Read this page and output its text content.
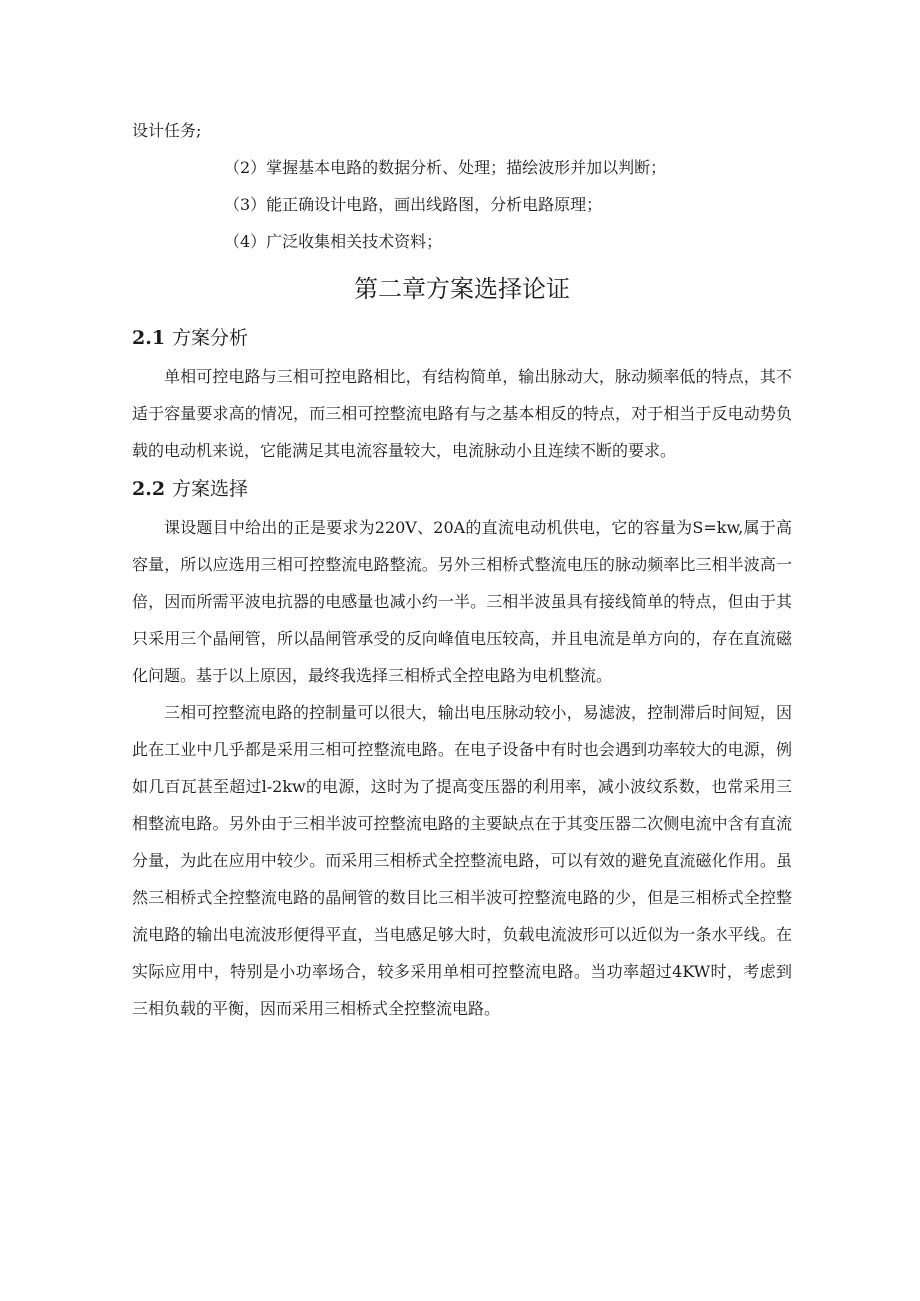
设计任务;

（2）掌握基本电路的数据分析、处理；描绘波形并加以判断；

（3）能正确设计电路，画出线路图，分析电路原理；

（4）广泛收集相关技术资料；

第二章方案选择论证
2.1 方案分析

单相可控电路与三相可控电路相比，有结构简单，输出脉动大，脉动频率低的特点，其不适于容量要求高的情况，而三相可控整流电路有与之基本相反的特点，对于相当于反电动势负载的电动机来说，它能满足其电流容量较大，电流脉动小且连续不断的要求。

2.2 方案选择

课设题目中给出的正是要求为220V、20A的直流电动机供电，它的容量为S=kw,属于高容量，所以应选用三相可控整流电路整流。另外三相桥式整流电压的脉动频率比三相半波高一倍，因而所需平波电抗器的电感量也减小约一半。三相半波虽具有接线简单的特点，但由于其只采用三个晶闸管，所以晶闸管承受的反向峰值电压较高，并且电流是单方向的，存在直流磁化问题。基于以上原因，最终我选择三相桥式全控电路为电机整流。

三相可控整流电路的控制量可以很大，输出电压脉动较小，易滤波，控制滞后时间短，因此在工业中几乎都是采用三相可控整流电路。在电子设备中有时也会遇到功率较大的电源，例如几百瓦甚至超过l-2kw的电源，这时为了提高变压器的利用率，减小波纹系数，也常采用三相整流电路。另外由于三相半波可控整流电路的主要缺点在于其变压器二次侧电流中含有直流分量，为此在应用中较少。而采用三相桥式全控整流电路，可以有效的避免直流磁化作用。虽然三相桥式全控整流电路的晶闸管的数目比三相半波可控整流电路的少，但是三相桥式全控整流电路的输出电流波形便得平直，当电感足够大时，负载电流波形可以近似为一条水平线。在实际应用中，特别是小功率场合，较多采用单相可控整流电路。当功率超过4KW时，考虑到三相负载的平衡，因而采用三相桥式全控整流电路。
